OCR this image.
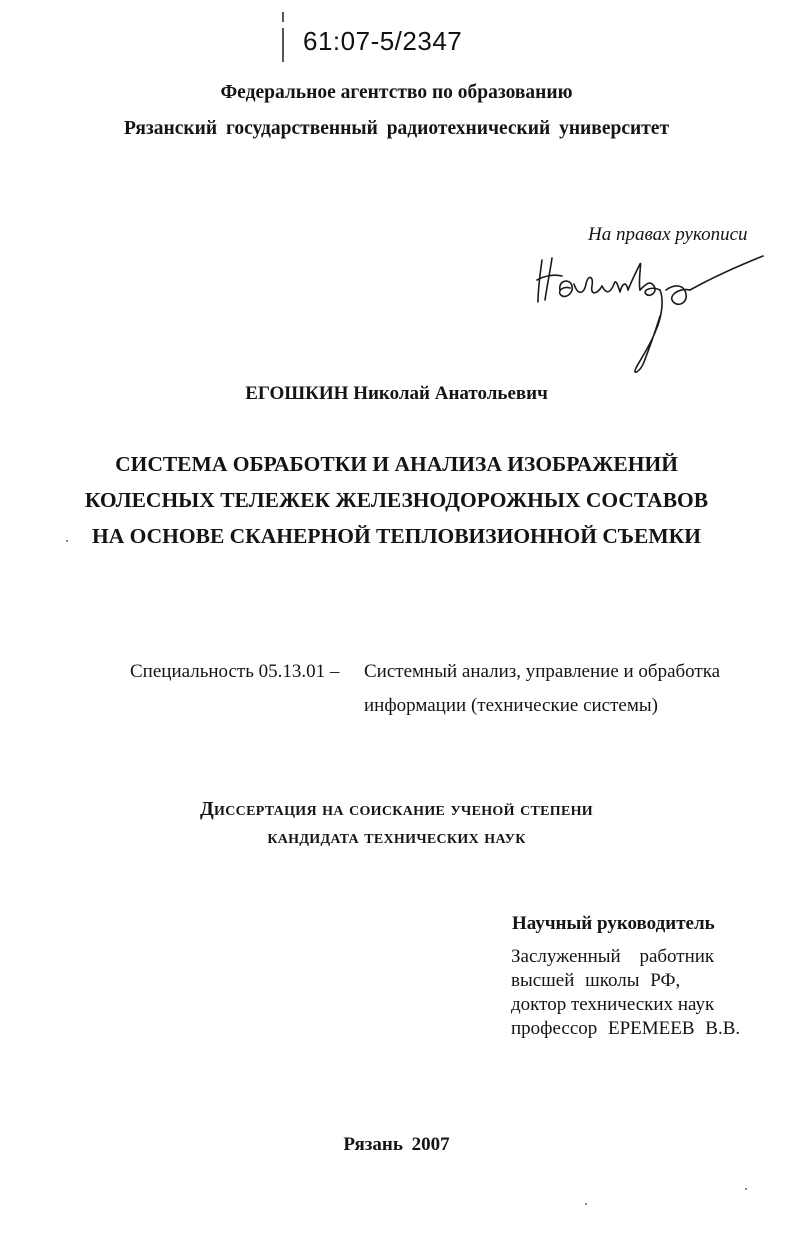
61:07-5/2347
Федеральное агентство по образованию
Рязанский государственный радиотехнический университет
На правах рукописи
ЕГОШКИН Николай Анатольевич
СИСТЕМА ОБРАБОТКИ И АНАЛИЗА ИЗОБРАЖЕНИЙ
КОЛЕСНЫХ ТЕЛЕЖЕК ЖЕЛЕЗНОДОРОЖНЫХ СОСТАВОВ
НА ОСНОВЕ СКАНЕРНОЙ ТЕПЛОВИЗИОННОЙ СЪЕМКИ
Специальность 05.13.01 – Системный анализ, управление и обработка
информации (технические системы)
Диссертация на соискание ученой степени
кандидата технических наук
Научный руководитель
Заслуженный работник
высшей школы РФ,
доктор технических наук
профессор ЕРЕМЕЕВ В.В.
Рязань 2007
